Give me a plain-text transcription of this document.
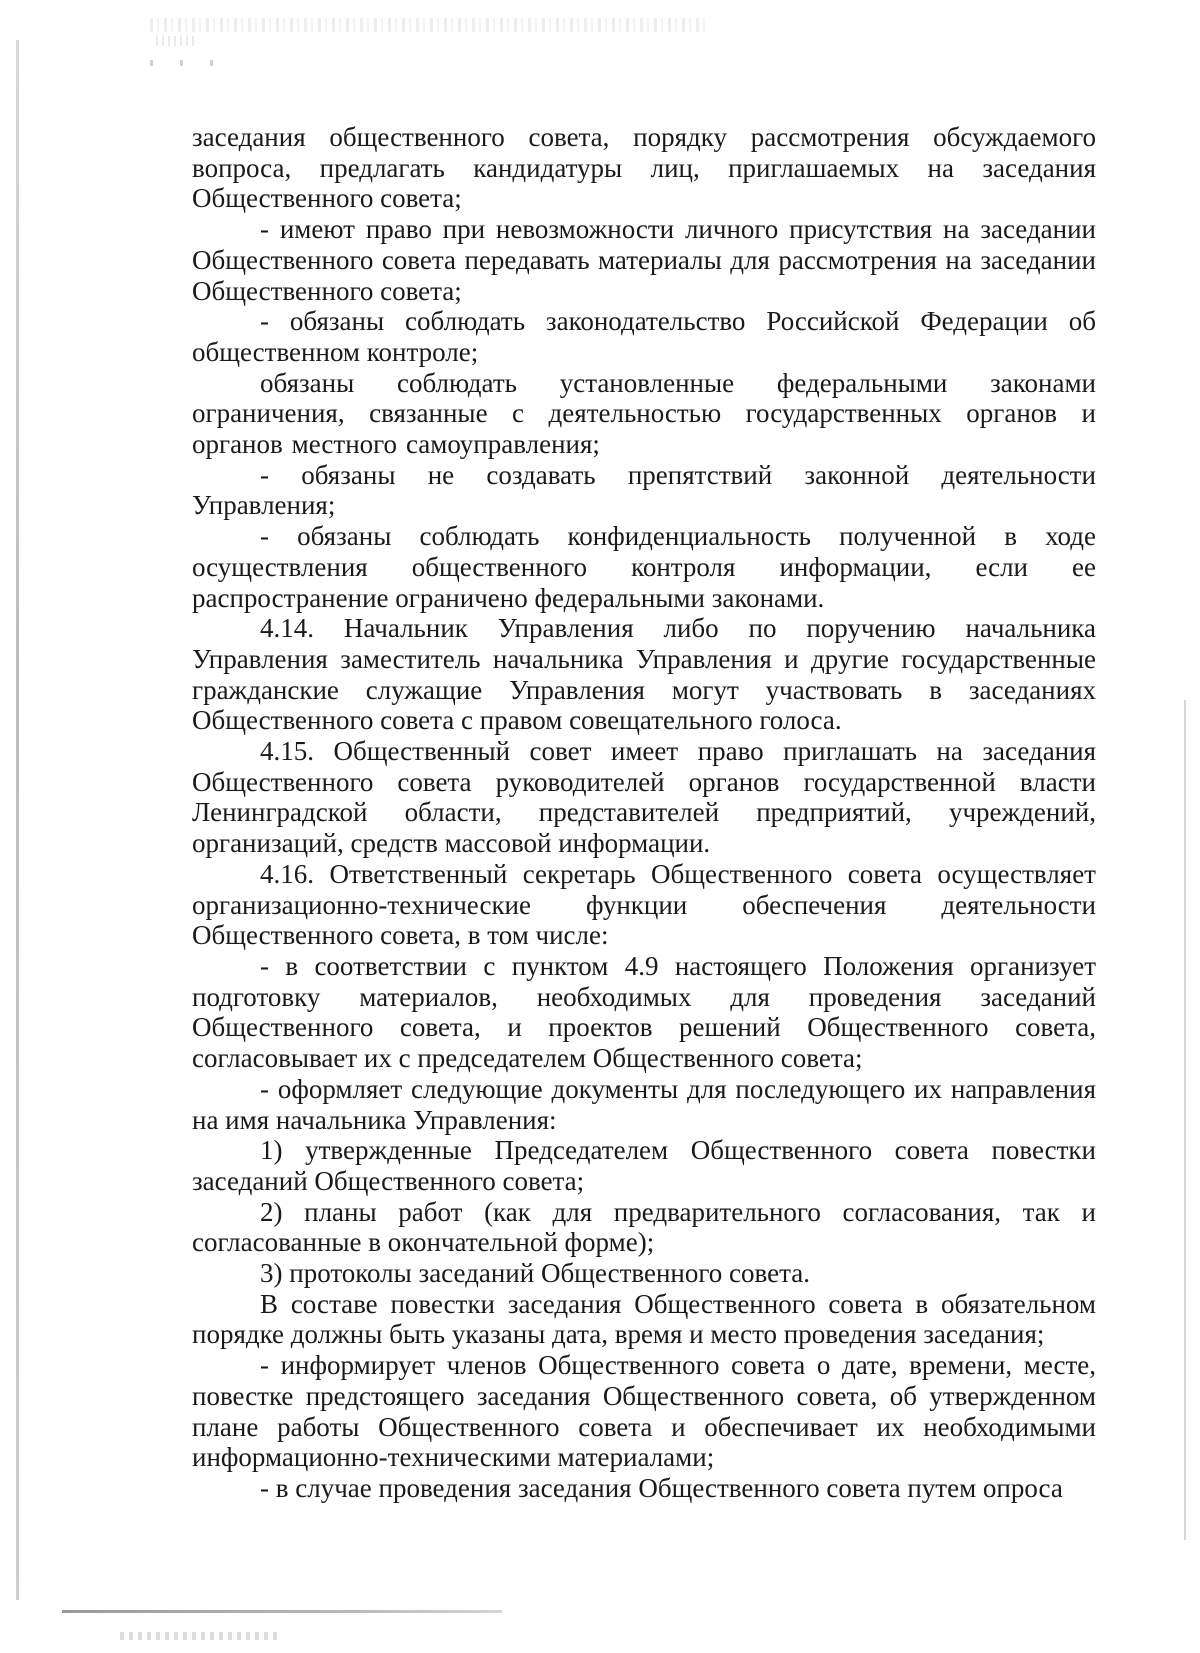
заседания общественного совета, порядку рассмотрения обсуждаемого вопроса, предлагать кандидатуры лиц, приглашаемых на заседания Общественного совета;

- имеют право при невозможности личного присутствия на заседании Общественного совета передавать материалы для рассмотрения на заседании Общественного совета;

- обязаны соблюдать законодательство Российской Федерации об общественном контроле;

обязаны соблюдать установленные федеральными законами ограничения, связанные с деятельностью государственных органов и органов местного самоуправления;

- обязаны не создавать препятствий законной деятельности Управления;

- обязаны соблюдать конфиденциальность полученной в ходе осуществления общественного контроля информации, если ее распространение ограничено федеральными законами.

4.14. Начальник Управления либо по поручению начальника Управления заместитель начальника Управления и другие государственные гражданские служащие Управления могут участвовать в заседаниях Общественного совета с правом совещательного голоса.

4.15. Общественный совет имеет право приглашать на заседания Общественного совета руководителей органов государственной власти Ленинградской области, представителей предприятий, учреждений, организаций, средств массовой информации.

4.16. Ответственный секретарь Общественного совета осуществляет организационно-технические функции обеспечения деятельности Общественного совета, в том числе:

- в соответствии с пунктом 4.9 настоящего Положения организует подготовку материалов, необходимых для проведения заседаний Общественного совета, и проектов решений Общественного совета, согласовывает их с председателем Общественного совета;

- оформляет следующие документы для последующего их направления на имя начальника Управления:

1) утвержденные Председателем Общественного совета повестки заседаний Общественного совета;

2) планы работ (как для предварительного согласования, так и согласованные в окончательной форме);

3) протоколы заседаний Общественного совета.

В составе повестки заседания Общественного совета в обязательном порядке должны быть указаны дата, время и место проведения заседания;

- информирует членов Общественного совета о дате, времени, месте, повестке предстоящего заседания Общественного совета, об утвержденном плане работы Общественного совета и обеспечивает их необходимыми информационно-техническими материалами;

- в случае проведения заседания Общественного совета путем опроса
